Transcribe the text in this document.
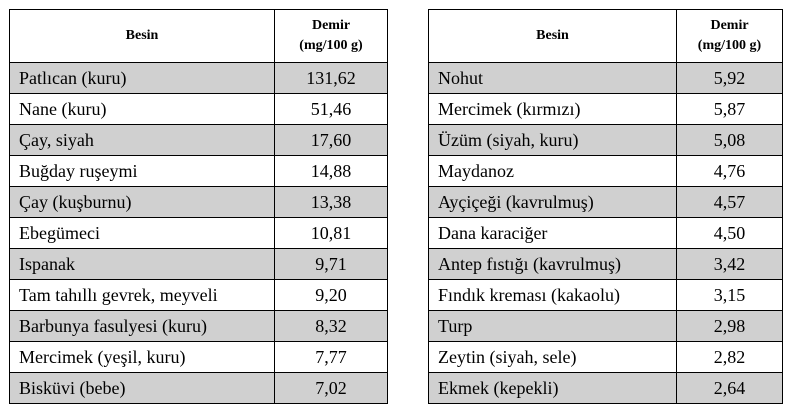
Besin	Demir
(mg/100 g)
Patlıcan (kuru)	131,62
Nane (kuru)	51,46
Çay, siyah	17,60
Buğday ruşeymi	14,88
Çay (kuşburnu)	13,38
Ebegümeci	10,81
Ispanak	9,71
Tam tahıllı gevrek, meyveli	9,20
Barbunya fasulyesi (kuru)	8,32
Mercimek (yeşil, kuru)	7,77
Bisküvi (bebe)	7,02
Besin	Demir
(mg/100 g)
Nohut	5,92
Mercimek (kırmızı)	5,87
Üzüm (siyah, kuru)	5,08
Maydanoz	4,76
Ayçiçeği (kavrulmuş)	4,57
Dana karaciğer	4,50
Antep fıstığı (kavrulmuş)	3,42
Fındık kreması (kakaolu)	3,15
Turp	2,98
Zeytin (siyah, sele)	2,82
Ekmek (kepekli)	2,64
